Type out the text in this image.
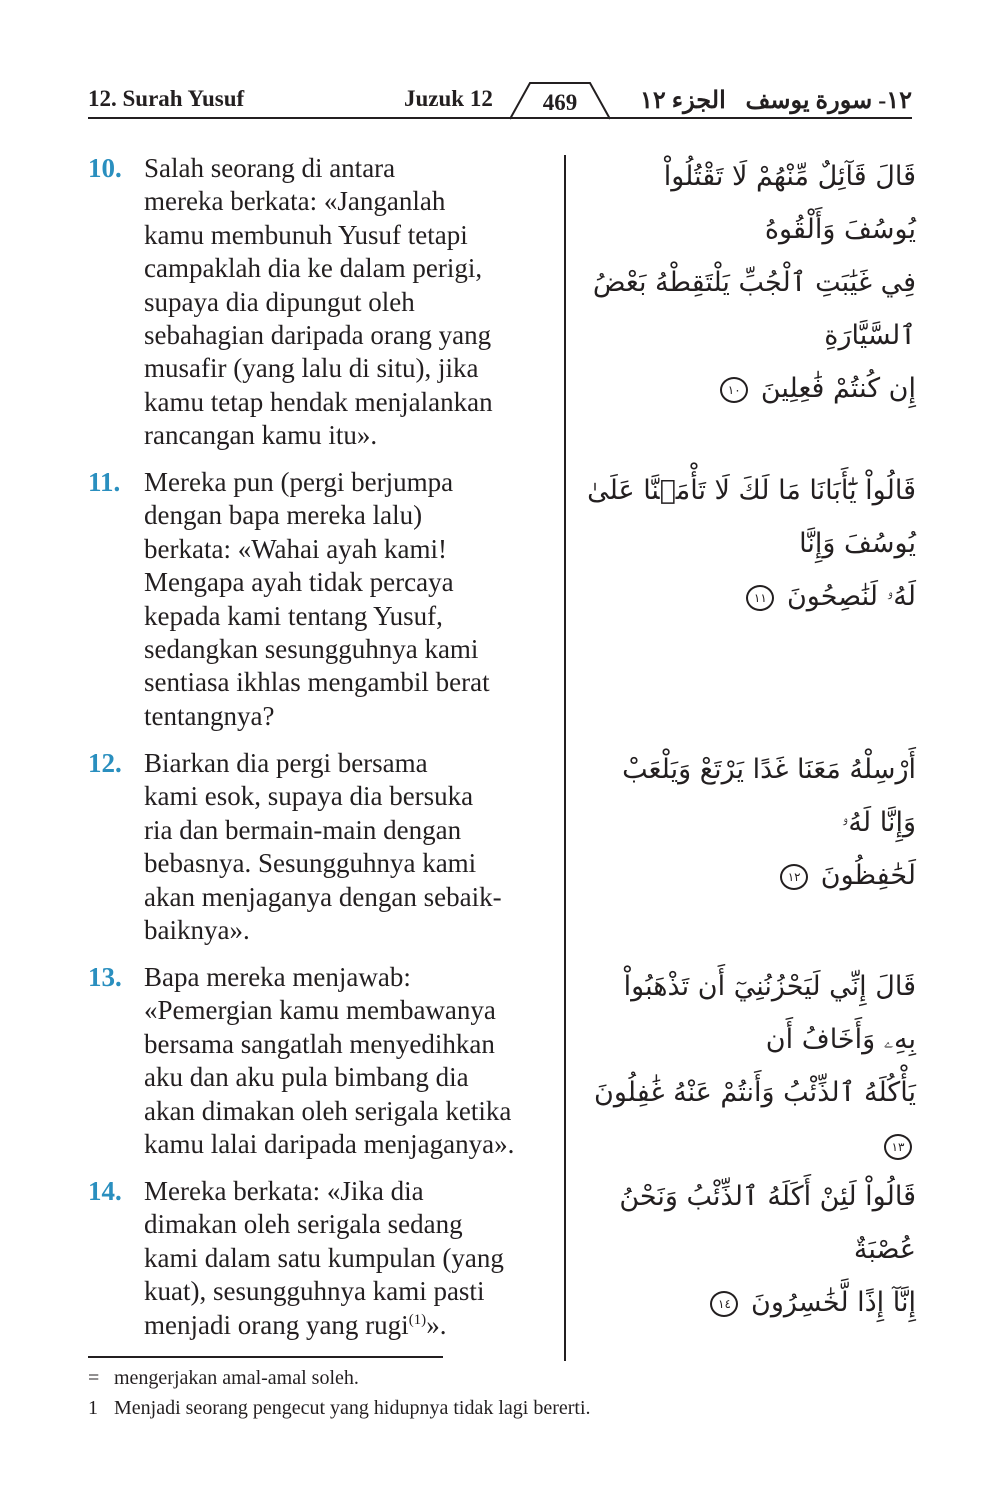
12. Surah Yusuf	Juzuk 12	الجزء ١٢ ١٢- سورة يوسف
469
10. Salah seorang di antara
mereka berkata: «Janganlah
kamu membunuh Yusuf tetapi
campaklah dia ke dalam perigi,
supaya dia dipungut oleh
sebahagian daripada orang yang
musafir (yang lalu di situ), jika
kamu tetap hendak menjalankan
rancangan kamu itu».
قَالَ قَآئِلٌ مِّنْهُمْ لَا تَقْتُلُواْ يُوسُفَ وَأَلْقُوهُ
فِي غَيَٰبَتِ ٱلْجُبِّ يَلْتَقِطْهُ بَعْضُ ٱلسَّيَّارَةِ
إِن كُنتُمْ فَٰعِلِينَ ١٠
11. Mereka pun (pergi berjumpa
dengan bapa mereka lalu)
berkata: «Wahai ayah kami!
Mengapa ayah tidak percaya
kepada kami tentang Yusuf,
sedangkan sesungguhnya kami
sentiasa ikhlas mengambil berat
tentangnya?
قَالُواْ يَٰٓأَبَانَا مَا لَكَ لَا تَأْمَ۬نَّا عَلَىٰ يُوسُفَ وَإِنَّا
لَهُۥ لَنَٰصِحُونَ ١١
12. Biarkan dia pergi bersama
kami esok, supaya dia bersuka
ria dan bermain-main dengan
bebasnya. Sesungguhnya kami
akan menjaganya dengan sebaik-
baiknya».
أَرْسِلْهُ مَعَنَا غَدًا يَرْتَعْ وَيَلْعَبْ وَإِنَّا لَهُۥ
لَحَٰفِظُونَ ١٢
13. Bapa mereka menjawab:
«Pemergian kamu membawanya
bersama sangatlah menyedihkan
aku dan aku pula bimbang dia
akan dimakan oleh serigala ketika
kamu lalai daripada menjaganya».
قَالَ إِنِّي لَيَحْزُنُنِيٓ أَن تَذْهَبُواْ بِهِۦ وَأَخَافُ أَن
يَأْكُلَهُ ٱلذِّئْبُ وَأَنتُمْ عَنْهُ غَٰفِلُونَ ١٣
14. Mereka berkata: «Jika dia
dimakan oleh serigala sedang
kami dalam satu kumpulan (yang
kuat), sesungguhnya kami pasti
menjadi orang yang rugi$^{(1)}$».
قَالُواْ لَئِنْ أَكَلَهُ ٱلذِّئْبُ وَنَحْنُ عُصْبَةٌ
إِنَّآ إِذًا لَّخَٰسِرُونَ ١٤
= mengerjakan amal-amal soleh.
1 Menjadi seorang pengecut yang hidupnya tidak lagi bererti.
